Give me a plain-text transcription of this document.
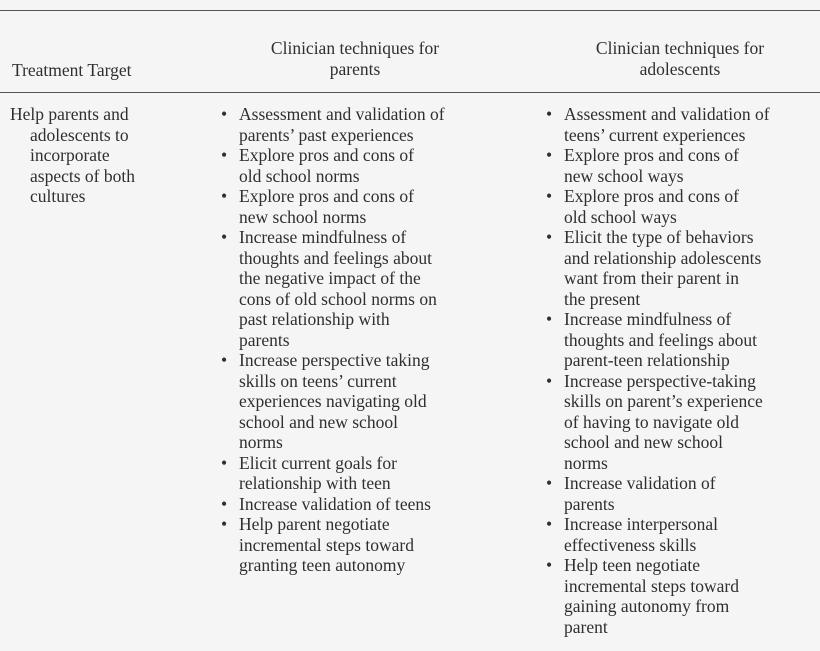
Treatment Target
Clinician techniques for
parents
Clinician techniques for
adolescents
Help parents and
adolescents to
incorporate
aspects of both
cultures
• Assessment and validation of
parents’ past experiences
• Explore pros and cons of
old school norms
• Explore pros and cons of
new school norms
• Increase mindfulness of
thoughts and feelings about
the negative impact of the
cons of old school norms on
past relationship with
parents
• Increase perspective taking
skills on teens’ current
experiences navigating old
school and new school
norms
• Elicit current goals for
relationship with teen
• Increase validation of teens
• Help parent negotiate
incremental steps toward
granting teen autonomy
• Assessment and validation of
teens’ current experiences
• Explore pros and cons of
new school ways
• Explore pros and cons of
old school ways
• Elicit the type of behaviors
and relationship adolescents
want from their parent in
the present
• Increase mindfulness of
thoughts and feelings about
parent-teen relationship
• Increase perspective-taking
skills on parent’s experience
of having to navigate old
school and new school
norms
• Increase validation of
parents
• Increase interpersonal
effectiveness skills
• Help teen negotiate
incremental steps toward
gaining autonomy from
parent
